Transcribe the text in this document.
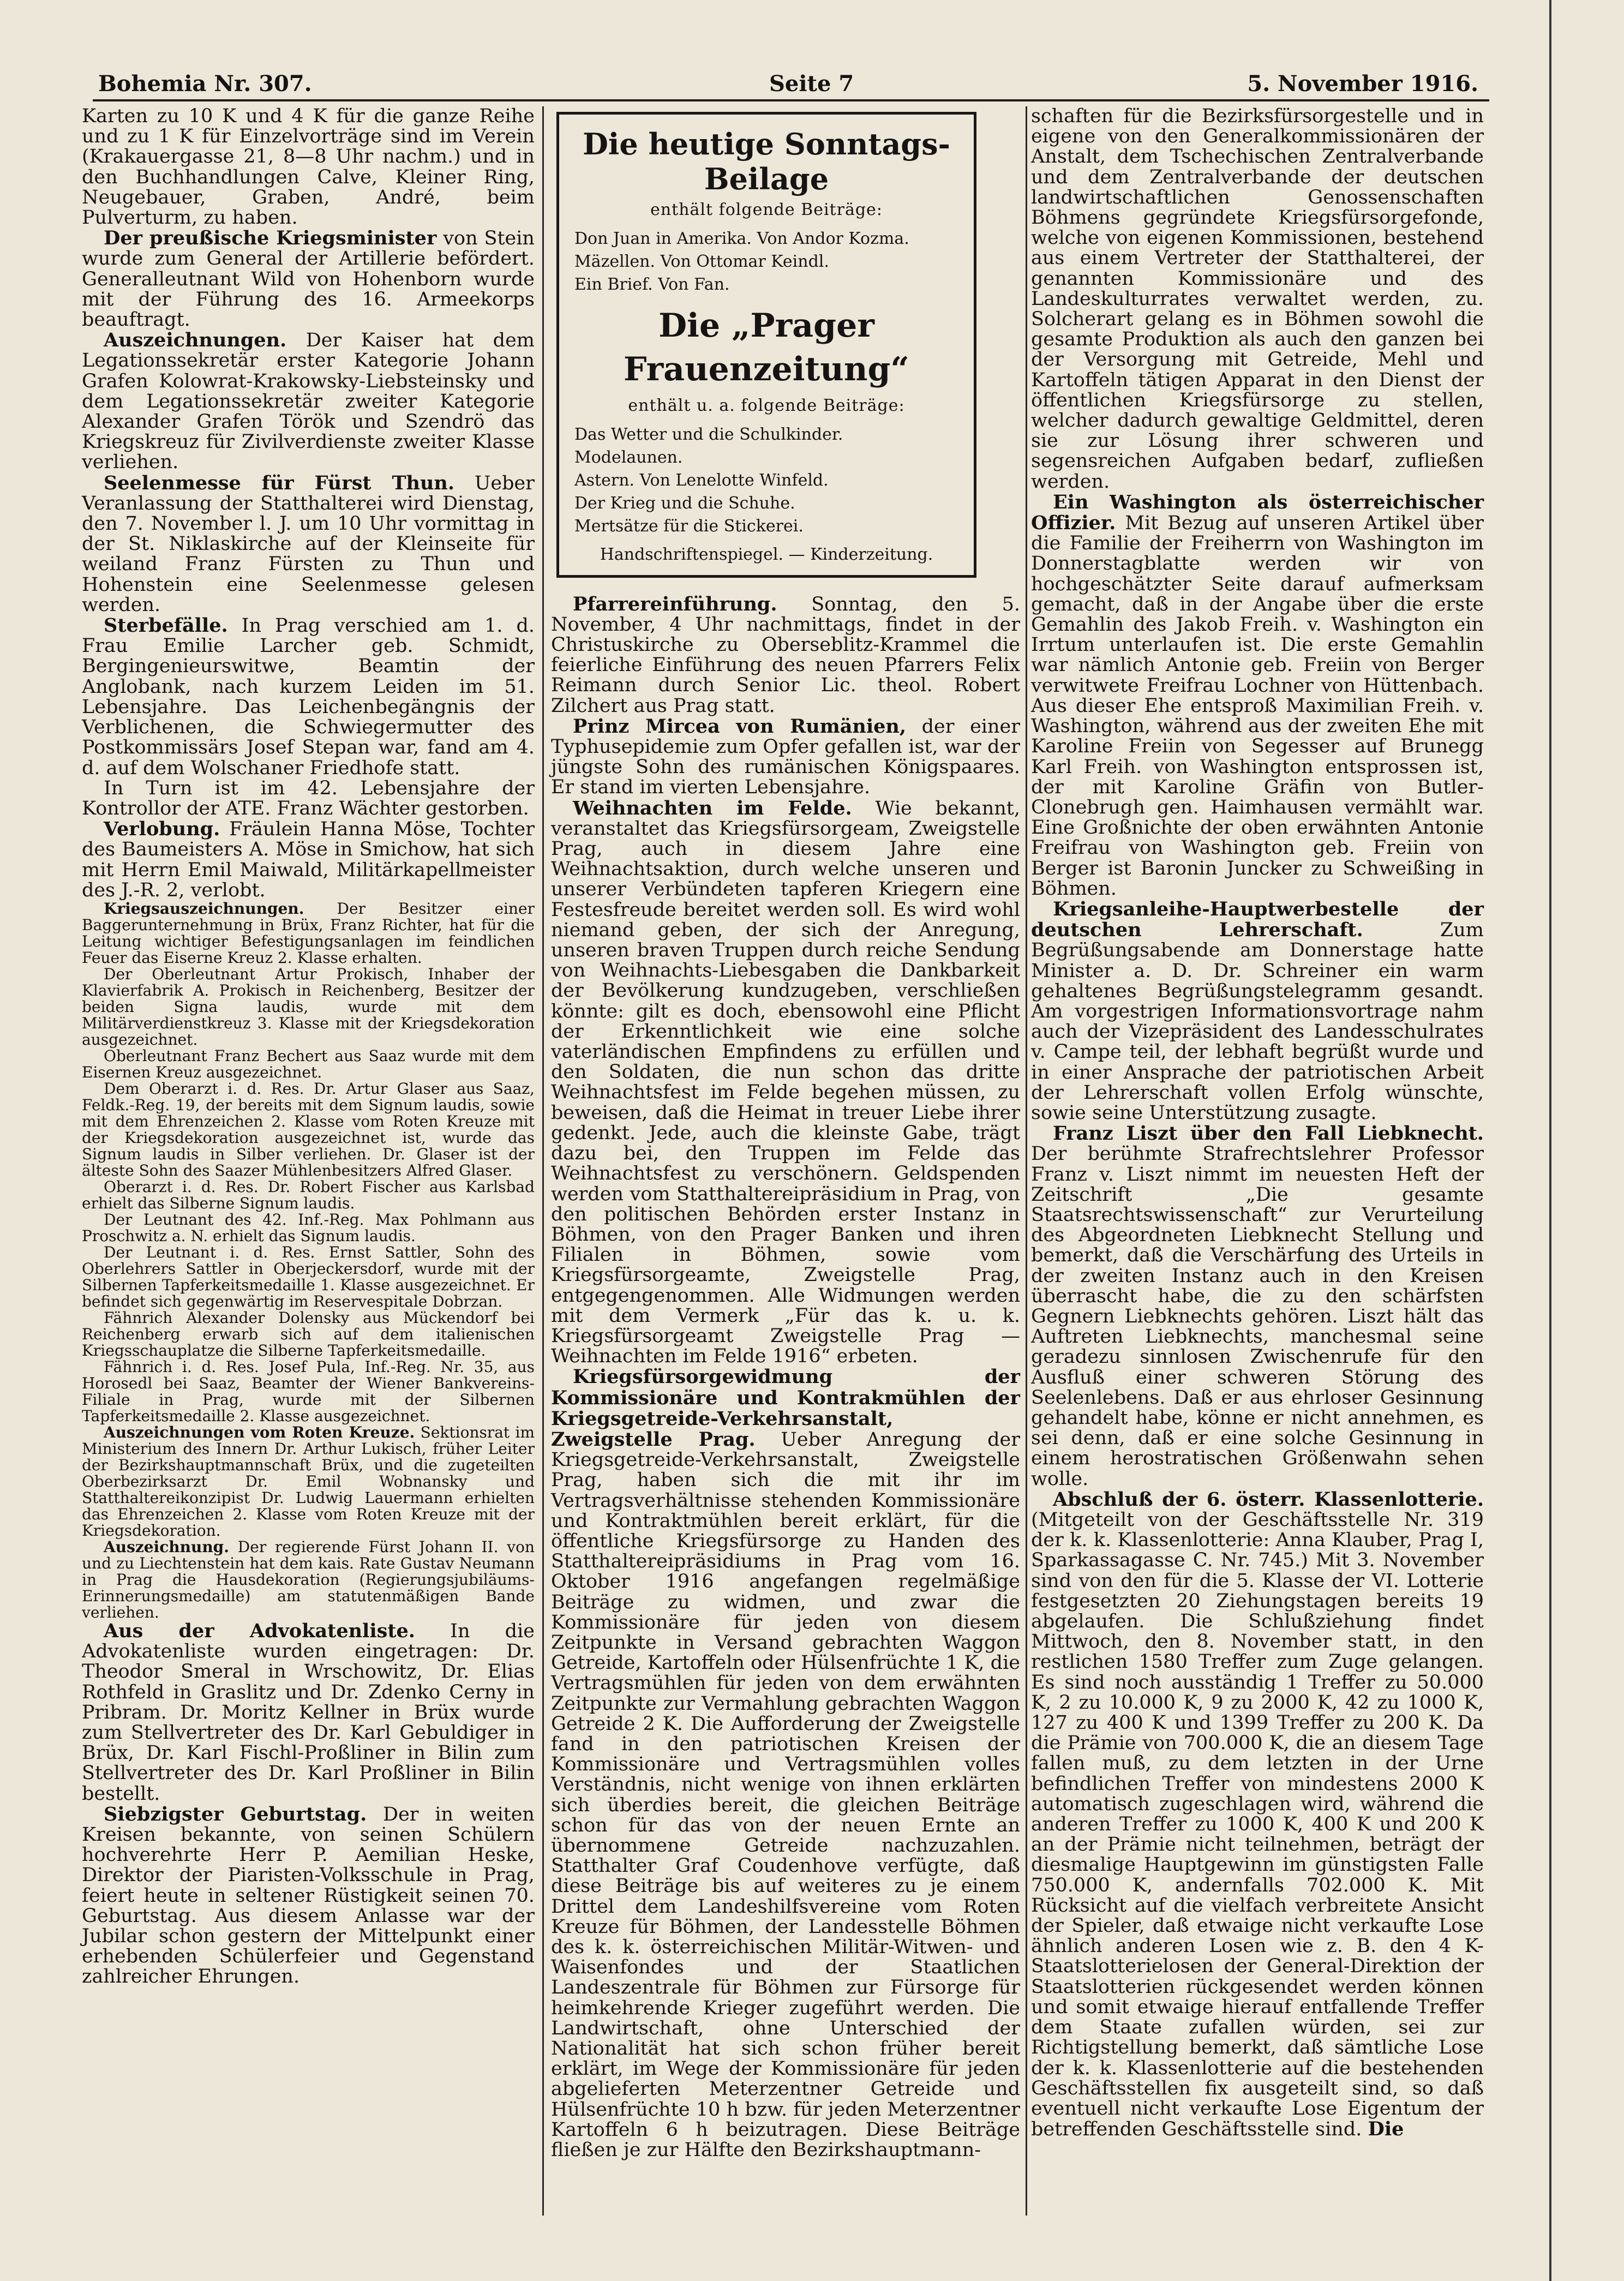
Bohemia Nr. 307.	Seite 7	5. November 1916.

Karten zu 10 K und 4 K für die ganze Reihe und zu 1 K für Einzelvorträge sind im Verein (Krakauergasse 21, 8—8 Uhr nachm.) und in den Buchhandlungen Calve, Kleiner Ring, Neugebauer, Graben, André, beim Pulverturm, zu haben.

Der preußische Kriegsminister von Stein wurde zum General der Artillerie befördert. Generalleutnant Wild von Hohenborn wurde mit der Führung des 16. Armeekorps beauftragt.

Auszeichnungen. Der Kaiser hat dem Legationssekretär erster Kategorie Johann Grafen Kolowrat-Krakowsky-Liebsteinsky und dem Legationssekretär zweiter Kategorie Alexander Grafen Török und Szendrö das Kriegskreuz für Zivilverdienste zweiter Klasse verliehen.

Seelenmesse für Fürst Thun. Ueber Veranlassung der Statthalterei wird Dienstag, den 7. November l. J. um 10 Uhr vormittag in der St. Niklaskirche auf der Kleinseite für weiland Franz Fürsten zu Thun und Hohenstein eine Seelenmesse gelesen werden.

Sterbefälle. In Prag verschied am 1. d. Frau Emilie Larcher geb. Schmidt, Bergingenieurswitwe, Beamtin der Anglobank, nach kurzem Leiden im 51. Lebensjahre. Das Leichenbegängnis der Verblichenen, die Schwiegermutter des Postkommissärs Josef Stepan war, fand am 4. d. auf dem Wolschaner Friedhofe statt.

In Turn ist im 42. Lebensjahre der Kontrollor der ATE. Franz Wächter gestorben.

Verlobung. Fräulein Hanna Möse, Tochter des Baumeisters A. Möse in Smichow, hat sich mit Herrn Emil Maiwald, Militärkapellmeister des J.-R. 2, verlobt.

Kriegsauszeichnungen. Der Besitzer einer Baggerunternehmung in Brüx, Franz Richter, hat für die Leitung wichtiger Befestigungsanlagen im feindlichen Feuer das Eiserne Kreuz 2. Klasse erhalten.

Der Oberleutnant Artur Prokisch, Inhaber der Klavierfabrik A. Prokisch in Reichenberg, Besitzer der beiden Signa laudis, wurde mit dem Militärverdienstkreuz 3. Klasse mit der Kriegsdekoration ausgezeichnet.

Oberleutnant Franz Bechert aus Saaz wurde mit dem Eisernen Kreuz ausgezeichnet.

Dem Oberarzt i. d. Res. Dr. Artur Glaser aus Saaz, Feldk.-Reg. 19, der bereits mit dem Signum laudis, sowie mit dem Ehrenzeichen 2. Klasse vom Roten Kreuze mit der Kriegsdekoration ausgezeichnet ist, wurde das Signum laudis in Silber verliehen. Dr. Glaser ist der älteste Sohn des Saazer Mühlenbesitzers Alfred Glaser.

Oberarzt i. d. Res. Dr. Robert Fischer aus Karlsbad erhielt das Silberne Signum laudis.

Der Leutnant des 42. Inf.-Reg. Max Pohlmann aus Proschwitz a. N. erhielt das Signum laudis.

Der Leutnant i. d. Res. Ernst Sattler, Sohn des Oberlehrers Sattler in Oberjeckersdorf, wurde mit der Silbernen Tapferkeitsmedaille 1. Klasse ausgezeichnet. Er befindet sich gegenwärtig im Reservespitale Dobrzan.

Fähnrich Alexander Dolensky aus Mückendorf bei Reichenberg erwarb sich auf dem italienischen Kriegsschauplatze die Silberne Tapferkeitsmedaille.

Fähnrich i. d. Res. Josef Pula, Inf.-Reg. Nr. 35, aus Horosedl bei Saaz, Beamter der Wiener Bankvereins-Filiale in Prag, wurde mit der Silbernen Tapferkeitsmedaille 2. Klasse ausgezeichnet.

Auszeichnungen vom Roten Kreuze. Sektionsrat im Ministerium des Innern Dr. Arthur Lukisch, früher Leiter der Bezirkshauptmannschaft Brüx, und die zugeteilten Oberbezirksarzt Dr. Emil Wobnansky und Statthaltereikonzipist Dr. Ludwig Lauermann erhielten das Ehrenzeichen 2. Klasse vom Roten Kreuze mit der Kriegsdekoration.

Auszeichnung. Der regierende Fürst Johann II. von und zu Liechtenstein hat dem kais. Rate Gustav Neumann in Prag die Hausdekoration (Regierungsjubiläums-Erinnerungsmedaille) am statutenmäßigen Bande verliehen.

Aus der Advokatenliste. In die Advokatenliste wurden eingetragen: Dr. Theodor Smeral in Wrschowitz, Dr. Elias Rothfeld in Graslitz und Dr. Zdenko Cerny in Pribram. Dr. Moritz Kellner in Brüx wurde zum Stellvertreter des Dr. Karl Gebuldiger in Brüx, Dr. Karl Fischl-Proßliner in Bilin zum Stellvertreter des Dr. Karl Proßliner in Bilin bestellt.

Siebzigster Geburtstag. Der in weiten Kreisen bekannte, von seinen Schülern hochverehrte Herr P. Aemilian Heske, Direktor der Piaristen-Volksschule in Prag, feiert heute in seltener Rüstigkeit seinen 70. Geburtstag. Aus diesem Anlasse war der Jubilar schon gestern der Mittelpunkt einer erhebenden Schülerfeier und Gegenstand zahlreicher Ehrungen.

Die heutige Sonntags-Beilage
enthält folgende Beiträge:
Don Juan in Amerika. Von Andor Kozma.
Mäzellen. Von Ottomar Keindl.
Ein Brief. Von Fan.
Die „Prager Frauenzeitung“
enthält u. a. folgende Beiträge:
Das Wetter und die Schulkinder.
Modelaunen.
Astern. Von Lenelotte Winfeld.
Der Krieg und die Schuhe.
Mertsätze für die Stickerei.
Handschriftenspiegel. — Kinderzeitung.

Pfarrereinführung. Sonntag, den 5. November, 4 Uhr nachmittags, findet in der Christuskirche zu Oberseblitz-Krammel die feierliche Einführung des neuen Pfarrers Felix Reimann durch Senior Lic. theol. Robert Zilchert aus Prag statt.

Prinz Mircea von Rumänien, der einer Typhusepidemie zum Opfer gefallen ist, war der jüngste Sohn des rumänischen Königspaares. Er stand im vierten Lebensjahre.

Weihnachten im Felde. Wie bekannt, veranstaltet das Kriegsfürsorgeam, Zweigstelle Prag, auch in diesem Jahre eine Weihnachtsaktion, durch welche unseren und unserer Verbündeten tapferen Kriegern eine Festesfreude bereitet werden soll. Es wird wohl niemand geben, der sich der Anregung, unseren braven Truppen durch reiche Sendung von Weihnachts-Liebesgaben die Dankbarkeit der Bevölkerung kundzugeben, verschließen könnte: gilt es doch, ebensowohl eine Pflicht der Erkenntlichkeit wie eine solche vaterländischen Empfindens zu erfüllen und den Soldaten, die nun schon das dritte Weihnachtsfest im Felde begehen müssen, zu beweisen, daß die Heimat in treuer Liebe ihrer gedenkt. Jede, auch die kleinste Gabe, trägt dazu bei, den Truppen im Felde das Weihnachtsfest zu verschönern. Geldspenden werden vom Statthaltereipräsidium in Prag, von den politischen Behörden erster Instanz in Böhmen, von den Prager Banken und ihren Filialen in Böhmen, sowie vom Kriegsfürsorgeamte, Zweigstelle Prag, entgegengenommen. Alle Widmungen werden mit dem Vermerk „Für das k. u. k. Kriegsfürsorgeamt Zweigstelle Prag — Weihnachten im Felde 1916“ erbeten.

Kriegsfürsorgewidmung der Kommissionäre und Kontrakmühlen der Kriegsgetreide-Verkehrsanstalt, Zweigstelle Prag. Ueber Anregung der Kriegsgetreide-Verkehrsanstalt, Zweigstelle Prag, haben sich die mit ihr im Vertragsverhältnisse stehenden Kommissionäre und Kontraktmühlen bereit erklärt, für die öffentliche Kriegsfürsorge zu Handen des Statthaltereipräsidiums in Prag vom 16. Oktober 1916 angefangen regelmäßige Beiträge zu widmen, und zwar die Kommissionäre für jeden von diesem Zeitpunkte in Versand gebrachten Waggon Getreide, Kartoffeln oder Hülsenfrüchte 1 K, die Vertragsmühlen für jeden von dem erwähnten Zeitpunkte zur Vermahlung gebrachten Waggon Getreide 2 K. Die Aufforderung der Zweigstelle fand in den patriotischen Kreisen der Kommissionäre und Vertragsmühlen volles Verständnis, nicht wenige von ihnen erklärten sich überdies bereit, die gleichen Beiträge schon für das von der neuen Ernte an übernommene Getreide nachzuzahlen. Statthalter Graf Coudenhove verfügte, daß diese Beiträge bis auf weiteres zu je einem Drittel dem Landeshilfsvereine vom Roten Kreuze für Böhmen, der Landesstelle Böhmen des k. k. österreichischen Militär-Witwen- und Waisenfondes und der Staatlichen Landeszentrale für Böhmen zur Fürsorge für heimkehrende Krieger zugeführt werden. Die Landwirtschaft, ohne Unterschied der Nationalität hat sich schon früher bereit erklärt, im Wege der Kommissionäre für jeden abgelieferten Meterzentner Getreide und Hülsenfrüchte 10 h bzw. für jeden Meterzentner Kartoffeln 6 h beizutragen. Diese Beiträge fließen je zur Hälfte den Bezirkshauptmann-

schaften für die Bezirksfürsorgestelle und in eigene von den Generalkommissionären der Anstalt, dem Tschechischen Zentralverbande und dem Zentralverbande der deutschen landwirtschaftlichen Genossenschaften Böhmens gegründete Kriegsfürsorgefonde, welche von eigenen Kommissionen, bestehend aus einem Vertreter der Statthalterei, der genannten Kommissionäre und des Landeskulturrates verwaltet werden, zu. Solcherart gelang es in Böhmen sowohl die gesamte Produktion als auch den ganzen bei der Versorgung mit Getreide, Mehl und Kartoffeln tätigen Apparat in den Dienst der öffentlichen Kriegsfürsorge zu stellen, welcher dadurch gewaltige Geldmittel, deren sie zur Lösung ihrer schweren und segensreichen Aufgaben bedarf, zufließen werden.

Ein Washington als österreichischer Offizier. Mit Bezug auf unseren Artikel über die Familie der Freiherrn von Washington im Donnerstagblatte werden wir von hochgeschätzter Seite darauf aufmerksam gemacht, daß in der Angabe über die erste Gemahlin des Jakob Freih. v. Washington ein Irrtum unterlaufen ist. Die erste Gemahlin war nämlich Antonie geb. Freiin von Berger verwitwete Freifrau Lochner von Hüttenbach. Aus dieser Ehe entsproß Maximilian Freih. v. Washington, während aus der zweiten Ehe mit Karoline Freiin von Segesser auf Brunegg Karl Freih. von Washington entsprossen ist, der mit Karoline Gräfin von Butler-Clonebrugh gen. Haimhausen vermählt war. Eine Großnichte der oben erwähnten Antonie Freifrau von Washington geb. Freiin von Berger ist Baronin Juncker zu Schweißing in Böhmen.

Kriegsanleihe-Hauptwerbestelle der deutschen Lehrerschaft.	Zum Begrüßungsabende am Donnerstage hatte Minister a. D. Dr. Schreiner ein warm gehaltenes Begrüßungstelegramm gesandt. Am vorgestrigen Informationsvortrage nahm auch der Vizepräsident des Landesschulrates v. Campe teil, der lebhaft begrüßt wurde und in einer Ansprache der patriotischen Arbeit der Lehrerschaft vollen Erfolg wünschte, sowie seine Unterstützung zusagte.

Franz Liszt über den Fall Liebknecht. Der berühmte Strafrechtslehrer Professor Franz v. Liszt nimmt im neuesten Heft der Zeitschrift „Die gesamte Staatsrechtswissenschaft“ zur Verurteilung des Abgeordneten Liebknecht Stellung und bemerkt, daß die Verschärfung des Urteils in der zweiten Instanz auch in den Kreisen überrascht habe, die zu den schärfsten Gegnern Liebknechts gehören. Liszt hält das Auftreten Liebknechts, manchesmal seine geradezu sinnlosen Zwischenrufe für den Ausfluß einer schweren Störung des Seelenlebens. Daß er aus ehrloser Gesinnung gehandelt habe, könne er nicht annehmen, es sei denn, daß er eine solche Gesinnung in einem herostratischen Größenwahn sehen wolle.

Abschluß der 6. österr. Klassenlotterie. (Mitgeteilt von der Geschäftsstelle Nr. 319 der k. k. Klassenlotterie: Anna Klauber, Prag I, Sparkassagasse C. Nr. 745.) Mit 3. November sind von den für die 5. Klasse der VI. Lotterie festgesetzten 20 Ziehungstagen bereits 19 abgelaufen. Die Schlußziehung findet Mittwoch, den 8. November statt, in den restlichen 1580 Treffer zum Zuge gelangen. Es sind noch ausständig 1 Treffer zu 50.000 K, 2 zu 10.000 K, 9 zu 2000 K, 42 zu 1000 K, 127 zu 400 K und 1399 Treffer zu 200 K. Da die Prämie von 700.000 K, die an diesem Tage fallen muß, zu dem letzten in der Urne befindlichen Treffer von mindestens 2000 K automatisch zugeschlagen wird, während die anderen Treffer zu 1000 K, 400 K und 200 K an der Prämie nicht teilnehmen, beträgt der diesmalige Hauptgewinn im günstigsten Falle 750.000 K, andernfalls 702.000 K. Mit Rücksicht auf die vielfach verbreitete Ansicht der Spieler, daß etwaige nicht verkaufte Lose ähnlich anderen Losen wie z. B. den 4 K-Staatslotterielosen der General-Direktion der Staatslotterien rückgesendet werden können und somit etwaige hierauf entfallende Treffer dem Staate zufallen würden, sei zur Richtigstellung bemerkt, daß sämtliche Lose der k. k. Klassenlotterie auf die bestehenden Geschäftsstellen fix ausgeteilt sind, so daß eventuell nicht verkaufte Lose Eigentum der betreffenden Geschäftsstelle sind. Die
